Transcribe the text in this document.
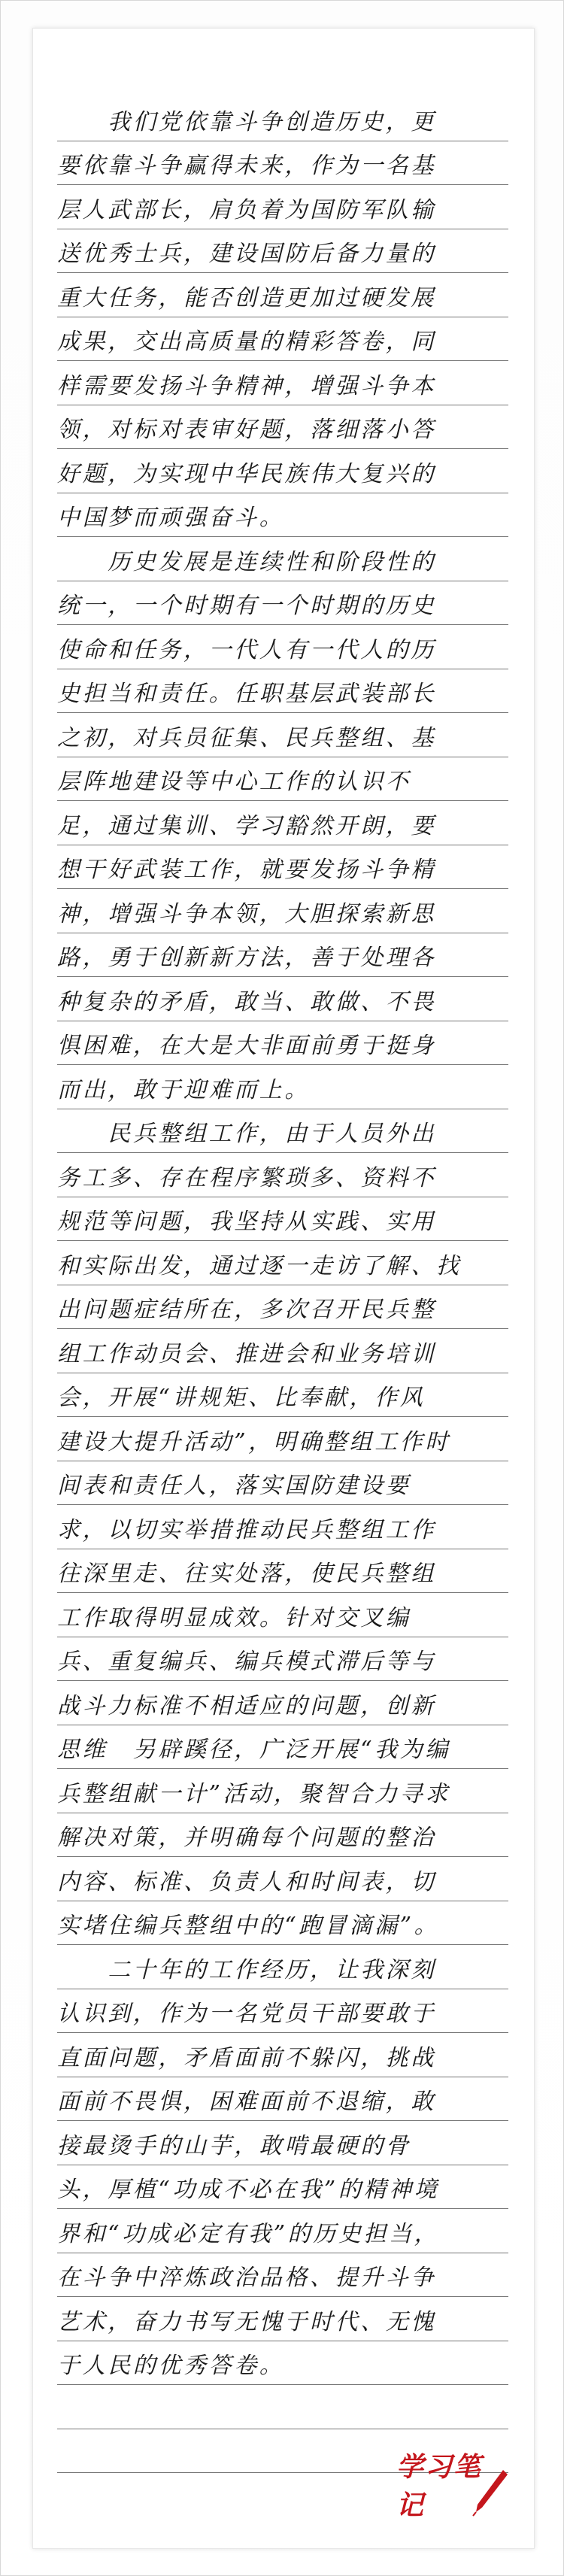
　　我们党依靠斗争创造历史，更
要依靠斗争赢得未来，作为一名基
层人武部长，肩负着为国防军队输
送优秀士兵，建设国防后备力量的
重大任务，能否创造更加过硬发展
成果，交出高质量的精彩答卷，同
样需要发扬斗争精神，增强斗争本
领，对标对表审好题，落细落小答
好题，为实现中华民族伟大复兴的
中国梦而顽强奋斗。
　　历史发展是连续性和阶段性的
统一，一个时期有一个时期的历史
使命和任务，一代人有一代人的历
史担当和责任。任职基层武装部长
之初，对兵员征集、民兵整组、基
层阵地建设等中心工作的认识不
足，通过集训、学习豁然开朗，要
想干好武装工作，就要发扬斗争精
神，增强斗争本领，大胆探索新思
路，勇于创新新方法，善于处理各
种复杂的矛盾，敢当、敢做、不畏
惧困难，在大是大非面前勇于挺身
而出，敢于迎难而上。
　　民兵整组工作，由于人员外出
务工多、存在程序繁琐多、资料不
规范等问题，我坚持从实践、实用
和实际出发，通过逐一走访了解、找
出问题症结所在，多次召开民兵整
组工作动员会、推进会和业务培训
会，开展“讲规矩、比奉献，作风
建设大提升活动”，明确整组工作时
间表和责任人，落实国防建设要
求，以切实举措推动民兵整组工作
往深里走、往实处落，使民兵整组
工作取得明显成效。针对交叉编
兵、重复编兵、编兵模式滞后等与
战斗力标准不相适应的问题，创新
思维　另辟蹊径，广泛开展“我为编
兵整组献一计”活动，聚智合力寻求
解决对策，并明确每个问题的整治
内容、标准、负责人和时间表，切
实堵住编兵整组中的“跑冒滴漏”。
　　二十年的工作经历，让我深刻
认识到，作为一名党员干部要敢于
直面问题，矛盾面前不躲闪，挑战
面前不畏惧，困难面前不退缩，敢
接最烫手的山芋，敢啃最硬的骨
头，厚植“功成不必在我”的精神境
界和“功成必定有我”的历史担当，
在斗争中淬炼政治品格、提升斗争
艺术，奋力书写无愧于时代、无愧
于人民的优秀答卷。
学习笔记
